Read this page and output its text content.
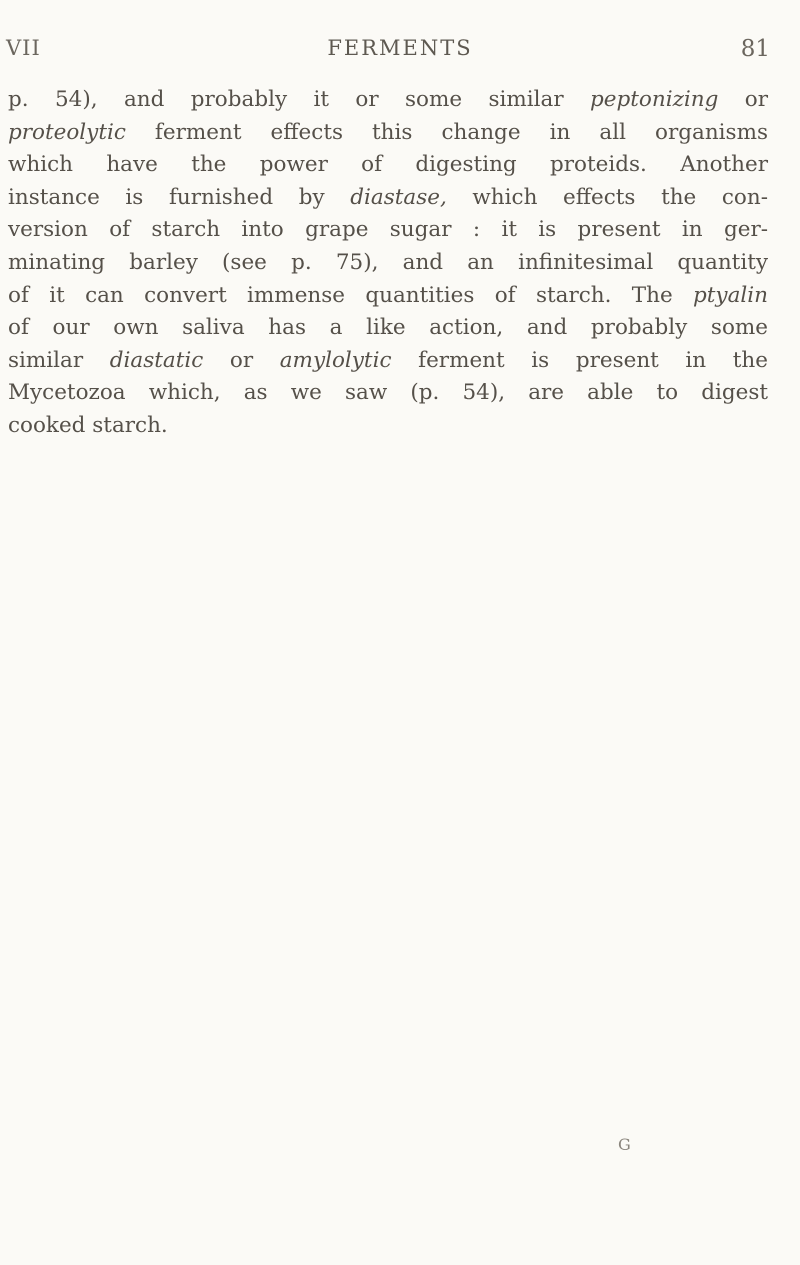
VII	FERMENTS	81
p. 54), and probably it or some similar peptonizing or
proteolytic ferment effects this change in all organisms
which have the power of digesting proteids. Another
instance is furnished by diastase, which effects the con-
version of starch into grape sugar : it is present in ger-
minating barley (see p. 75), and an infinitesimal quantity
of it can convert immense quantities of starch. The ptyalin
of our own saliva has a like action, and probably some
similar diastatic or amylolytic ferment is present in the
Mycetozoa which, as we saw (p. 54), are able to digest
cooked starch.
G
